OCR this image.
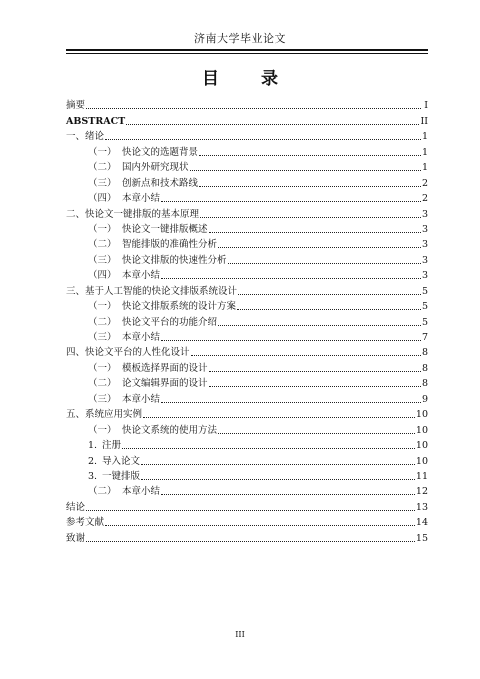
济南大学毕业论文
目 录
摘要	I
ABSTRACT	II
一、绪论	1
（一） 快论文的选题背景	1
（二） 国内外研究现状	1
（三） 创新点和技术路线	2
（四） 本章小结	2
二、快论文一键排版的基本原理	3
（一） 快论文一键排版概述	3
（二） 智能排版的准确性分析	3
（三） 快论文排版的快速性分析	3
（四） 本章小结	3
三、基于人工智能的快论文排版系统设计	5
（一） 快论文排版系统的设计方案	5
（二） 快论文平台的功能介绍	5
（三） 本章小结	7
四、快论文平台的人性化设计	8
（一） 模板选择界面的设计	8
（二） 论文编辑界面的设计	8
（三） 本章小结	9
五、系统应用实例	10
（一） 快论文系统的使用方法	10
1. 注册	10
2. 导入论文	10
3. 一键排版	11
（二） 本章小结	12
结论	13
参考文献	14
致谢	15
III
